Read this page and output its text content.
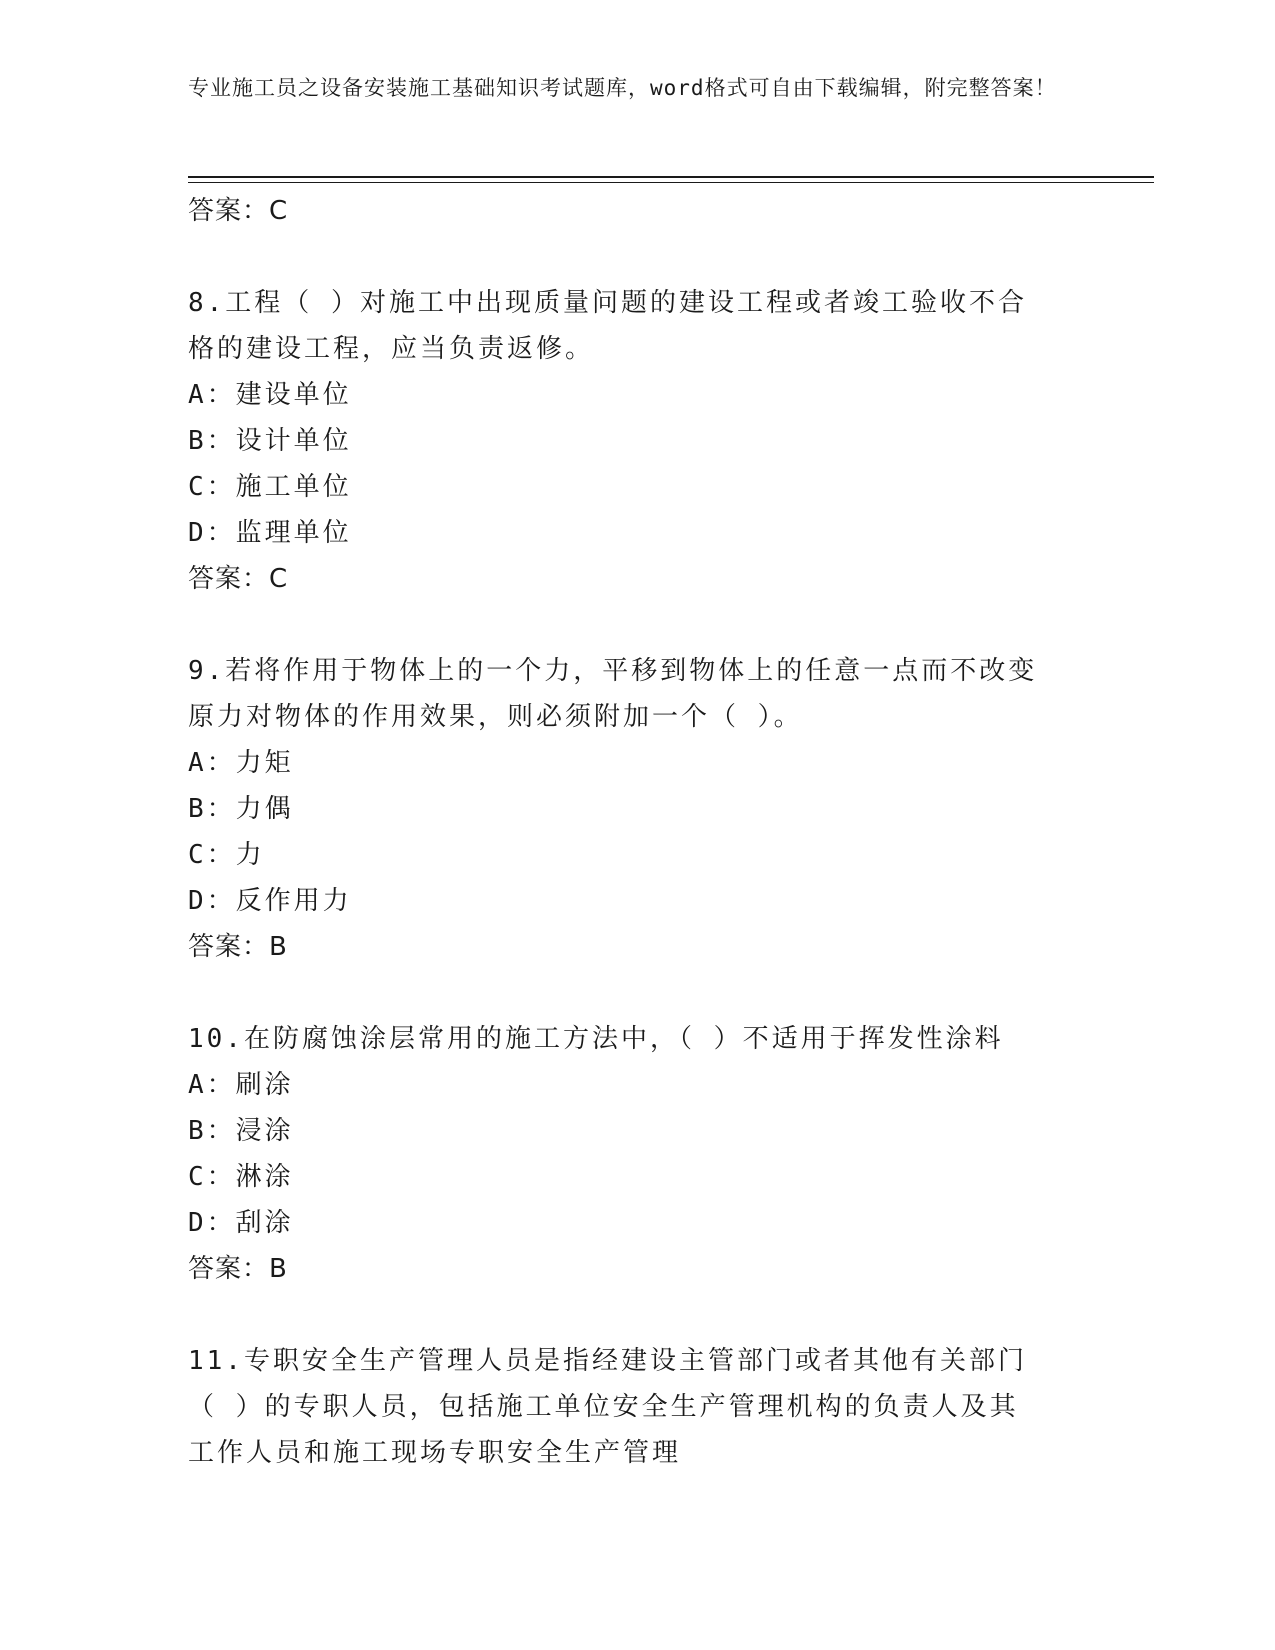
专业施工员之设备安装施工基础知识考试题库，word格式可自由下载编辑，附完整答案！
答案：C
8.工程（ ）对施工中出现质量问题的建设工程或者竣工验收不合格的建设工程，应当负责返修。
A：建设单位
B：设计单位
C：施工单位
D：监理单位
答案：C
9.若将作用于物体上的一个力，平移到物体上的任意一点而不改变原力对物体的作用效果，则必须附加一个（ ）。
A：力矩
B：力偶
C：力
D：反作用力
答案：B
10.在防腐蚀涂层常用的施工方法中，（ ）不适用于挥发性涂料
A：刷涂
B：浸涂
C：淋涂
D：刮涂
答案：B
11.专职安全生产管理人员是指经建设主管部门或者其他有关部门（ ）的专职人员，包括施工单位安全生产管理机构的负责人及其工作人员和施工现场专职安全生产管理
